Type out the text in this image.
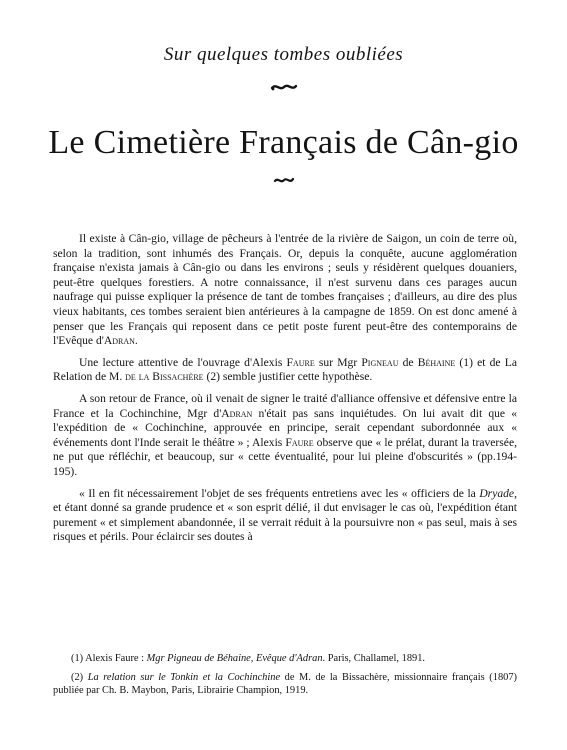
Sur quelques tombes oubliées
Le Cimetière Français de Cân-gio

Il existe à Cân-gio, village de pêcheurs à l'entrée de la rivière de Saigon, un coin de terre où, selon la tradition, sont inhumés des Français. Or, depuis la conquête, aucune agglomération française n'exista jamais à Cân-gio ou dans les environs ; seuls y résidèrent quelques douaniers, peut-être quelques forestiers. A notre connaissance, il n'est survenu dans ces parages aucun naufrage qui puisse expliquer la présence de tant de tombes françaises ; d'ailleurs, au dire des plus vieux habitants, ces tombes seraient bien antérieures à la campagne de 1859. On est donc amené à penser que les Français qui reposent dans ce petit poste furent peut-être des contemporains de l'Evêque d'Adran.

Une lecture attentive de l'ouvrage d'Alexis Faure sur Mgr Pigneau de Béhaine (1) et de La Relation de M. de la Bissachère (2) semble justifier cette hypothèse.

A son retour de France, où il venait de signer le traité d'alliance offensive et défensive entre la France et la Cochinchine, Mgr d'Adran n'était pas sans inquiétudes. On lui avait dit que « l'expédition de « Cochinchine, approuvée en principe, serait cependant subordonnée aux « événements dont l'Inde serait le théâtre » ; Alexis Faure observe que « le prélat, durant la traversée, ne put que réfléchir, et beaucoup, sur « cette éventualité, pour lui pleine d'obscurités » (pp.194-195).

« Il en fit nécessairement l'objet de ses fréquents entretiens avec les « officiers de la Dryade, et étant donné sa grande prudence et « son esprit délié, il dut envisager le cas où, l'expédition étant purement « et simplement abandonnée, il se verrait réduit à la poursuivre non « pas seul, mais à ses risques et périls. Pour éclaircir ses doutes à

(1) Alexis Faure : Mgr Pigneau de Béhaine, Evêque d'Adran. Paris, Challamel, 1891.

(2) La relation sur le Tonkin et la Cochinchine de M. de la Bissachère, missionnaire français (1807) publiée par Ch. B. Maybon, Paris, Librairie Champion, 1919.
